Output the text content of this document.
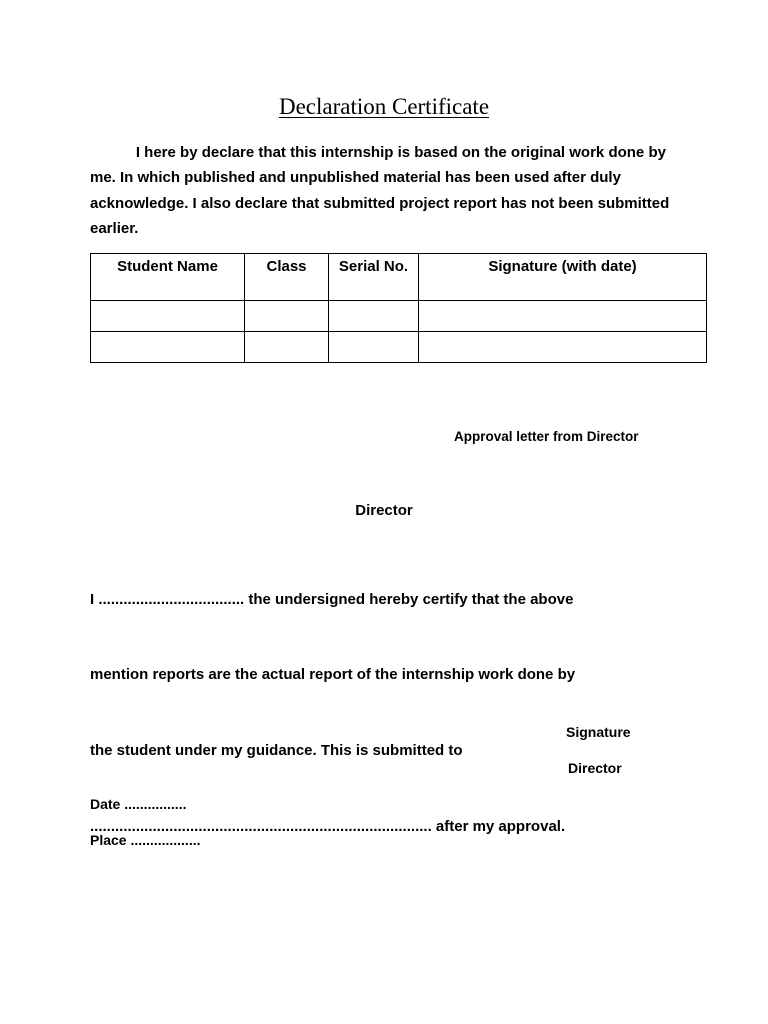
Declaration Certificate
I here by declare that this internship is based on the original work done by me. In which published and unpublished material has been used after duly acknowledge. I also declare that submitted project report has not been submitted earlier.
Student Name	Class	Serial No.	Signature (with date)

Approval letter from Director
Director

I ................................... the undersigned hereby certify that the above

mention reports are the actual report of the internship work done by

the student under my guidance. This is submitted to

.................................................................................. after my approval.

Signature
Director
Date ................
Place ..................
